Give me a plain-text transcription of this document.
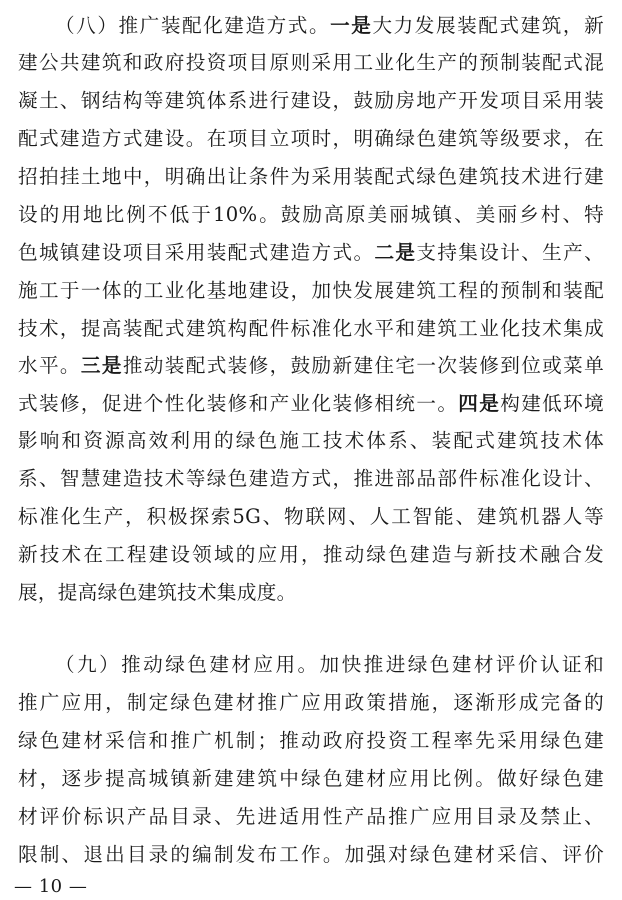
（八）推广装配化建造方式。一是大力发展装配式建筑，新
建公共建筑和政府投资项目原则采用工业化生产的预制装配式混
凝土、钢结构等建筑体系进行建设，鼓励房地产开发项目采用装
配式建造方式建设。在项目立项时，明确绿色建筑等级要求，在
招拍挂土地中，明确出让条件为采用装配式绿色建筑技术进行建
设的用地比例不低于10%。鼓励高原美丽城镇、美丽乡村、特
色城镇建设项目采用装配式建造方式。二是支持集设计、生产、
施工于一体的工业化基地建设，加快发展建筑工程的预制和装配
技术，提高装配式建筑构配件标准化水平和建筑工业化技术集成
水平。三是推动装配式装修，鼓励新建住宅一次装修到位或菜单
式装修，促进个性化装修和产业化装修相统一。四是构建低环境
影响和资源高效利用的绿色施工技术体系、装配式建筑技术体
系、智慧建造技术等绿色建造方式，推进部品部件标准化设计、
标准化生产，积极探索5G、物联网、人工智能、建筑机器人等
新技术在工程建设领域的应用，推动绿色建造与新技术融合发
展，提高绿色建筑技术集成度。
（九）推动绿色建材应用。加快推进绿色建材评价认证和
推广应用，制定绿色建材推广应用政策措施，逐渐形成完备的
绿色建材采信和推广机制；推动政府投资工程率先采用绿色建
材，逐步提高城镇新建建筑中绿色建材应用比例。做好绿色建
材评价标识产品目录、先进适用性产品推广应用目录及禁止、
限制、退出目录的编制发布工作。加强对绿色建材采信、评价
— 10 —
